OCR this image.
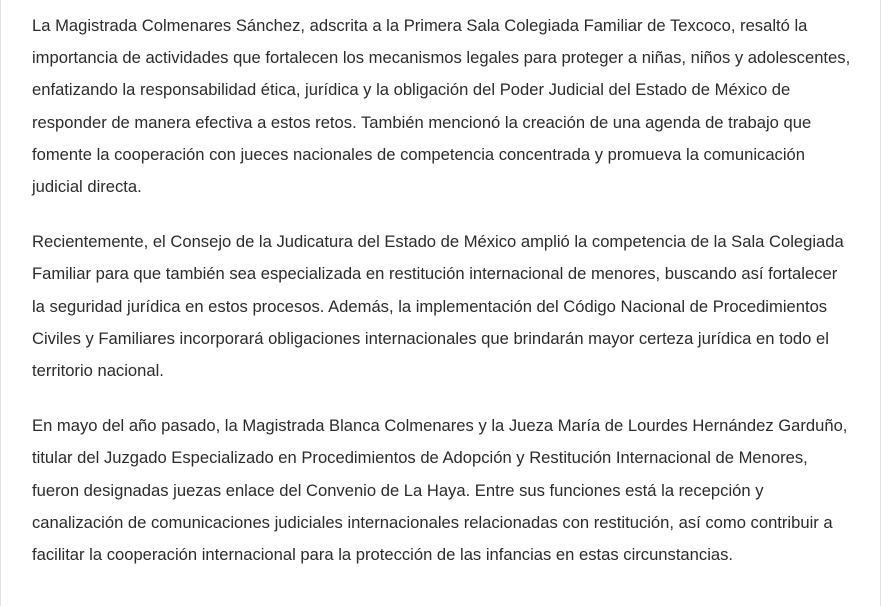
La Magistrada Colmenares Sánchez, adscrita a la Primera Sala Colegiada Familiar de Texcoco, resaltó la importancia de actividades que fortalecen los mecanismos legales para proteger a niñas, niños y adolescentes, enfatizando la responsabilidad ética, jurídica y la obligación del Poder Judicial del Estado de México de responder de manera efectiva a estos retos. También mencionó la creación de una agenda de trabajo que fomente la cooperación con jueces nacionales de competencia concentrada y promueva la comunicación judicial directa.

Recientemente, el Consejo de la Judicatura del Estado de México amplió la competencia de la Sala Colegiada Familiar para que también sea especializada en restitución internacional de menores, buscando así fortalecer la seguridad jurídica en estos procesos. Además, la implementación del Código Nacional de Procedimientos Civiles y Familiares incorporará obligaciones internacionales que brindarán mayor certeza jurídica en todo el territorio nacional.

En mayo del año pasado, la Magistrada Blanca Colmenares y la Jueza María de Lourdes Hernández Garduño, titular del Juzgado Especializado en Procedimientos de Adopción y Restitución Internacional de Menores, fueron designadas juezas enlace del Convenio de La Haya. Entre sus funciones está la recepción y canalización de comunicaciones judiciales internacionales relacionadas con restitución, así como contribuir a facilitar la cooperación internacional para la protección de las infancias en estas circunstancias.
